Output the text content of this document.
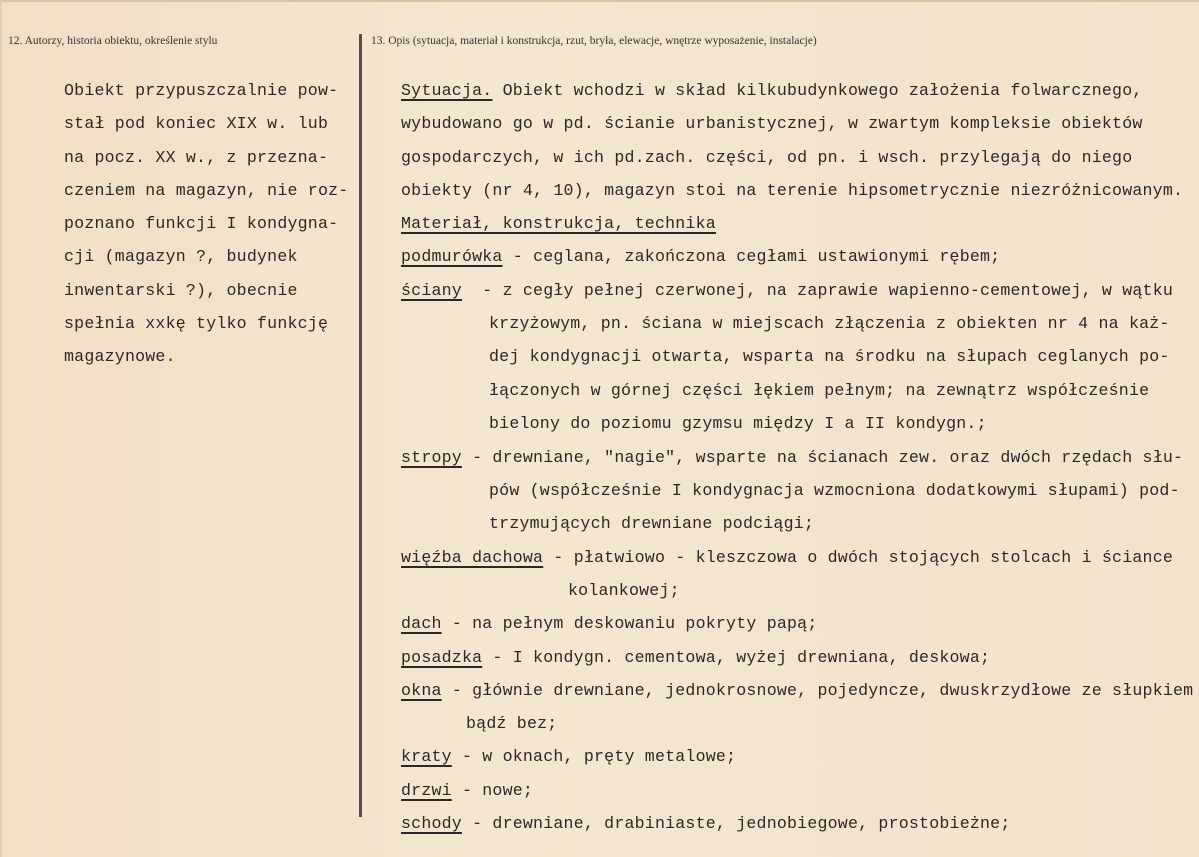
12. Autorzy, historia obiektu, określenie stylu	13. Opis (sytuacja, materiał i konstrukcja, rzut, bryła, elewacje, wnętrze wyposażenie, instalacje)
Obiekt przypuszczalnie pow-
stał pod koniec XIX w. lub
na pocz. XX w., z przezna-
czeniem na magazyn, nie roz-
poznano funkcji I kondygna-
cji (magazyn ?, budynek
inwentarski ?), obecnie
spełnia xxkę tylko funkcję
magazynowe.
Sytuacja. Obiekt wchodzi w skład kilkubudynkowego założenia folwarcznego,
wybudowano go w pd. ścianie urbanistycznej, w zwartym kompleksie obiektów
gospodarczych, w ich pd.zach. części, od pn. i wsch. przylegają do niego
obiekty (nr 4, 10), magazyn stoi na terenie hipsometrycznie niezróżnicowanym.
Materiał, konstrukcja, technika
podmurówka - ceglana, zakończona cegłami ustawionymi rębem;
ściany  - z cegły pełnej czerwonej, na zaprawie wapienno-cementowej, w wątku
krzyżowym, pn. ściana w miejscach złączenia z obiekten nr 4 na każ-
dej kondygnacji otwarta, wsparta na środku na słupach ceglanych po-
łączonych w górnej części łękiem pełnym; na zewnątrz współcześnie
bielony do poziomu gzymsu między I a II kondygn.;
stropy - drewniane, "nagie", wsparte na ścianach zew. oraz dwóch rzędach słu-
pów (współcześnie I kondygnacja wzmocniona dodatkowymi słupami) pod-
trzymujących drewniane podciągi;
więźba dachowa - płatwiowo - kleszczowa o dwóch stojących stolcach i ściance
kolankowej;
dach - na pełnym deskowaniu pokryty papą;
posadzka - I kondygn. cementowa, wyżej drewniana, deskowa;
okna - głównie drewniane, jednokrosnowe, pojedyncze, dwuskrzydłowe ze słupkiem
bądź bez;
kraty - w oknach, pręty metalowe;
drzwi - nowe;
schody - drewniane, drabiniaste, jednobiegowe, prostobieżne;
